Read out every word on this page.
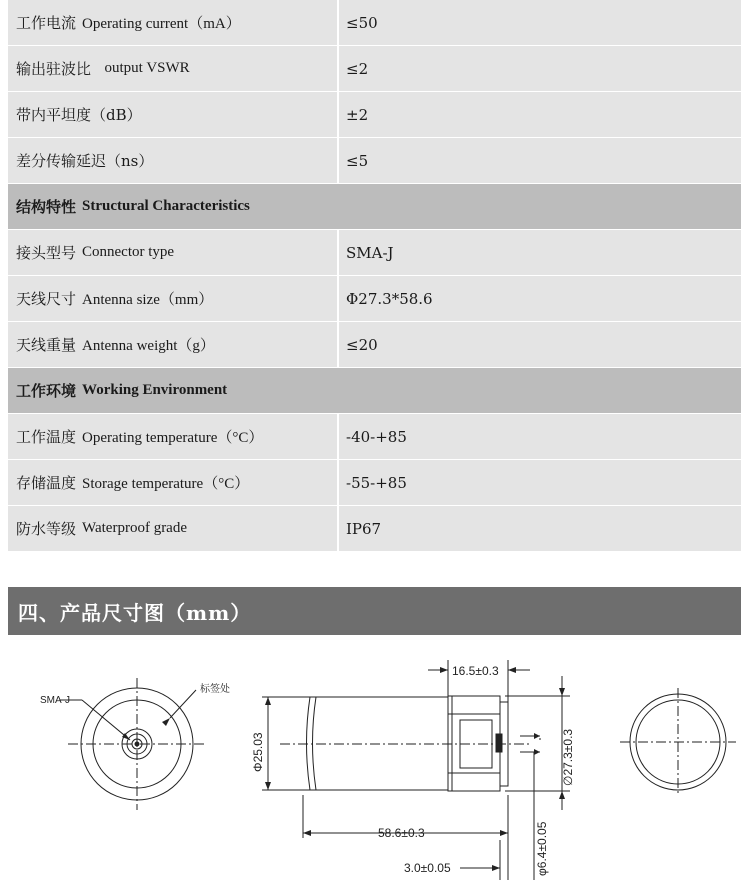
工作电流 Operating current（mA）	≤50
输出驻波比 output VSWR	≤2
带内平坦度（dB）	±2
差分传输延迟（ns）	≤5
结构特性 Structural Characteristics
接头型号 Connector type	SMA-J
天线尺寸 Antenna size（mm）	Φ27.3*58.6
天线重量 Antenna weight（g）	≤20
工作环境 Working Environment
工作温度 Operating temperature（°C）	-40-+85
存储温度 Storage temperature（°C）	-55-+85
防水等级 Waterproof grade	IP67
四、产品尺寸图（mm）
SMA-J
标签处
Φ25.03
16.5±0.3
∅27.3±0.3
φ6.4±0.05
58.6±0.3
3.0±0.05
